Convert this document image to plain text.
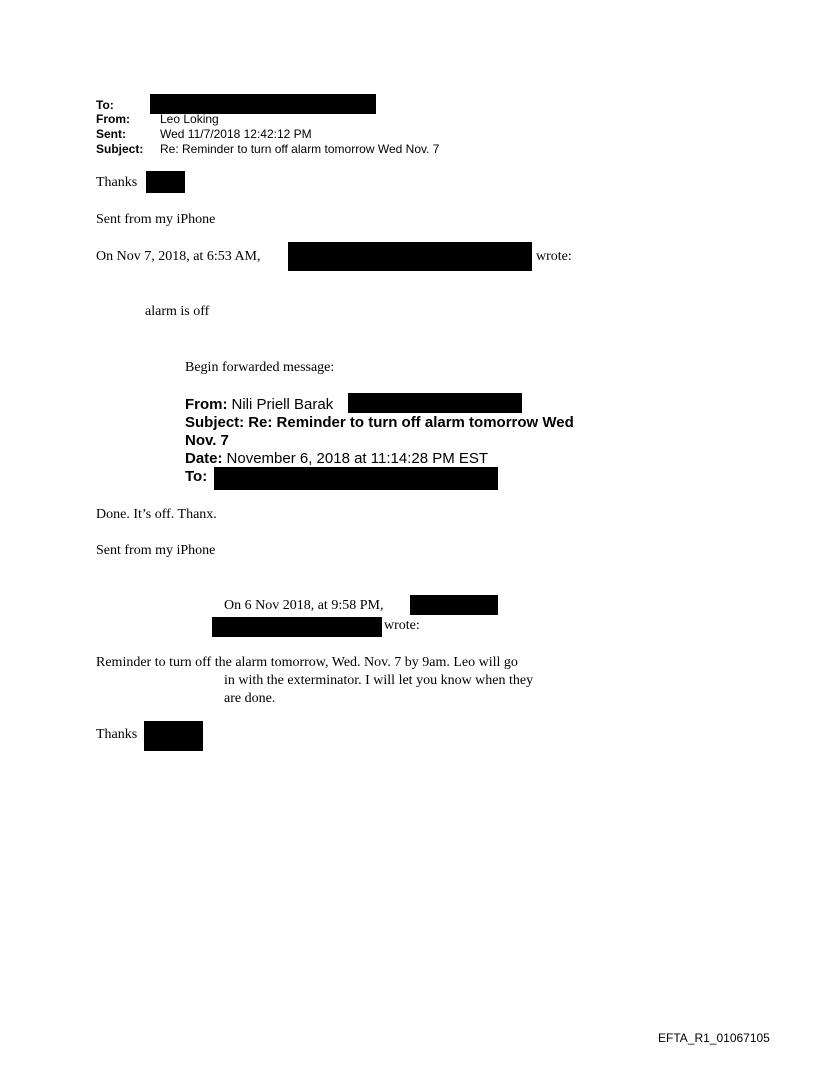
To:
From:	Leo Loking
Sent:	Wed 11/7/2018 12:42:12 PM
Subject: Re: Reminder to turn off alarm tomorrow Wed Nov. 7
Thanks
Sent from my iPhone
On Nov 7, 2018, at 6:53 AM,	wrote:
alarm is off
Begin forwarded message:
From: Nili Priell Barak
Subject: Re: Reminder to turn off alarm tomorrow Wed
Nov. 7
Date: November 6, 2018 at 11:14:28 PM EST
To:
Done. It’s off. Thanx.
Sent from my iPhone
On 6 Nov 2018, at 9:58 PM,
wrote:
Reminder to turn off the alarm tomorrow, Wed. Nov. 7 by 9am. Leo will go
in with the exterminator. I will let you know when they
are done.
Thanks
EFTA_R1_01067105
